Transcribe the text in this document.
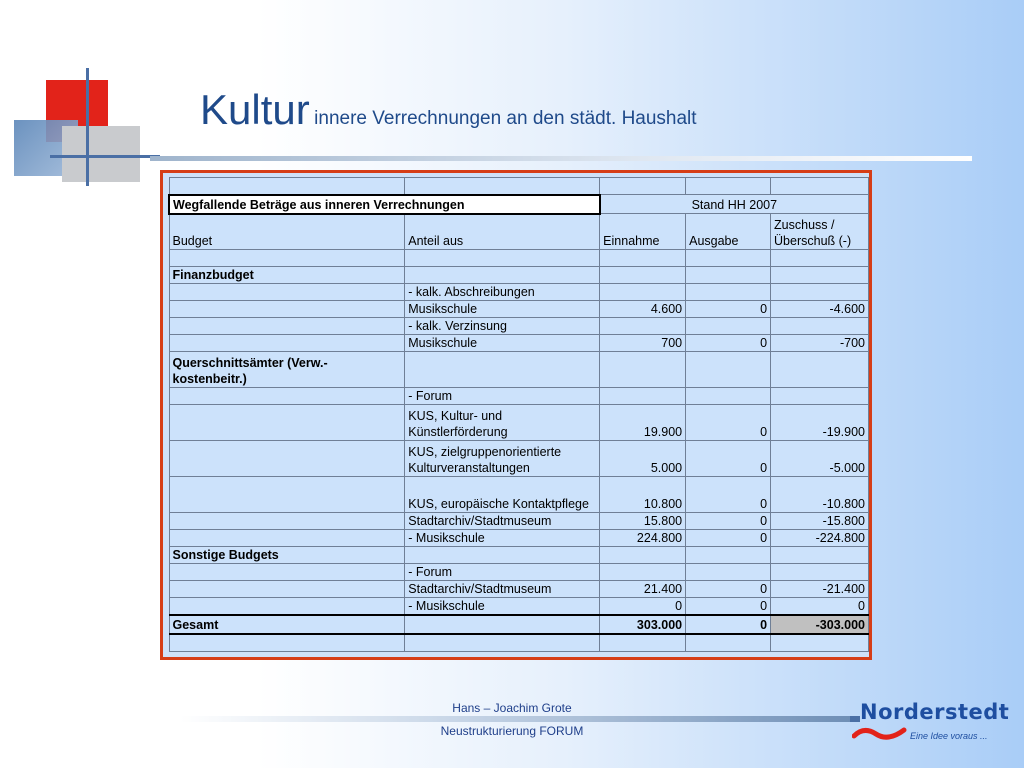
Kultur innere Verrechnungen an den städt. Haushalt

Wegfallende Beträge aus inneren Verrechnungen		Stand HH 2007		
Budget	Anteil aus	Einnahme	Ausgabe	Zuschuss /
Überschuß (-)

Finanzbudget				
	- kalk. Abschreibungen			
	Musikschule	4.600	0	-4.600
	- kalk. Verzinsung			
	Musikschule	700	0	-700
Querschnittsämter (Verw.-kostenbeitr.)				
	- Forum			
	KUS, Kultur- und Künstlerförderung	19.900	0	-19.900
	KUS, zielgruppenorientierte Kulturveranstaltungen	5.000	0	-5.000
	KUS, europäische Kontaktpflege	10.800	0	-10.800
	Stadtarchiv/Stadtmuseum	15.800	0	-15.800
	- Musikschule	224.800	0	-224.800
Sonstige Budgets				
	- Forum			
	Stadtarchiv/Stadtmuseum	21.400	0	-21.400
	- Musikschule	0	0	0
Gesamt		303.000	0	-303.000

Hans – Joachim Grote
Neustrukturierung FORUM
Norderstedt
Eine Idee voraus ...
